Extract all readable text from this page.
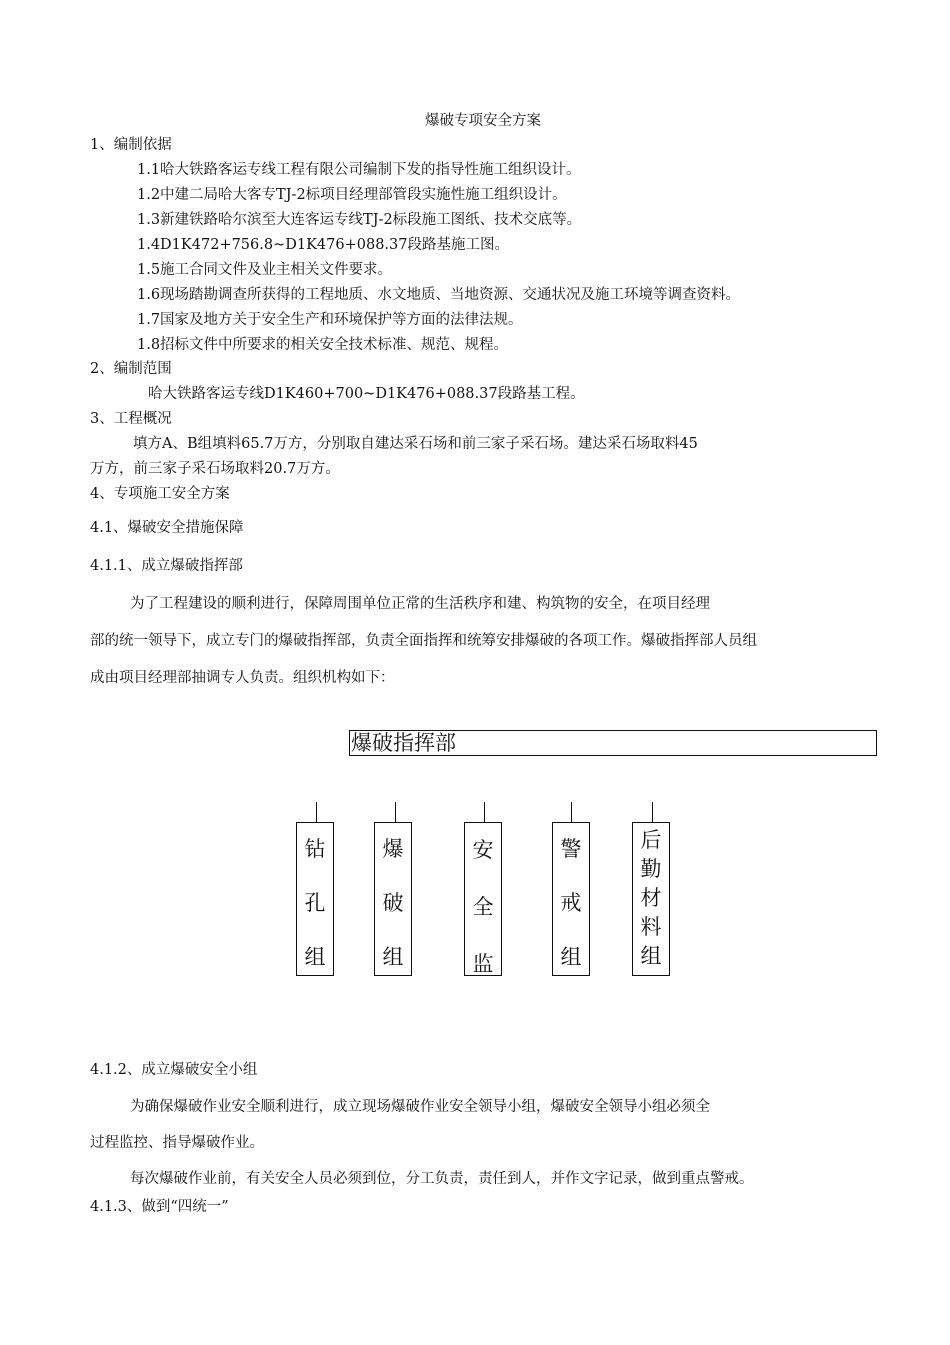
爆破专项安全方案
1、编制依据
1.1哈大铁路客运专线工程有限公司编制下发的指导性施工组织设计。
1.2中建二局哈大客专TJ-2标项目经理部管段实施性施工组织设计。
1.3新建铁路哈尔滨至大连客运专线TJ-2标段施工图纸、技术交底等。
1.4D1K472+756.8~D1K476+088.37段路基施工图。
1.5施工合同文件及业主相关文件要求。
1.6现场踏勘调查所获得的工程地质、水文地质、当地资源、交通状况及施工环境等调查资料。
1.7国家及地方关于安全生产和环境保护等方面的法律法规。
1.8招标文件中所要求的相关安全技术标准、规范、规程。
2、编制范围
哈大铁路客运专线D1K460+700~D1K476+088.37段路基工程。
3、工程概况
填方A、B组填料65.7万方，分别取自建达采石场和前三家子采石场。建达采石场取料45
万方，前三家子采石场取料20.7万方。
4、专项施工安全方案
4.1、爆破安全措施保障
4.1.1、成立爆破指挥部
为了工程建设的顺利进行，保障周围单位正常的生活秩序和建、构筑物的安全，在项目经理
部的统一领导下，成立专门的爆破指挥部，负责全面指挥和统筹安排爆破的各项工作。爆破指挥部人员组
成由项目经理部抽调专人负责。组织机构如下：
爆破指挥部
钻
孔
组
爆
破
组
安
全
监
警
戒
组
后
勤
材
料
组
4.1.2、成立爆破安全小组
为确保爆破作业安全顺利进行，成立现场爆破作业安全领导小组，爆破安全领导小组必须全
过程监控、指导爆破作业。
每次爆破作业前，有关安全人员必须到位，分工负责，责任到人，并作文字记录，做到重点警戒。
4.1.3、做到“四统一”
